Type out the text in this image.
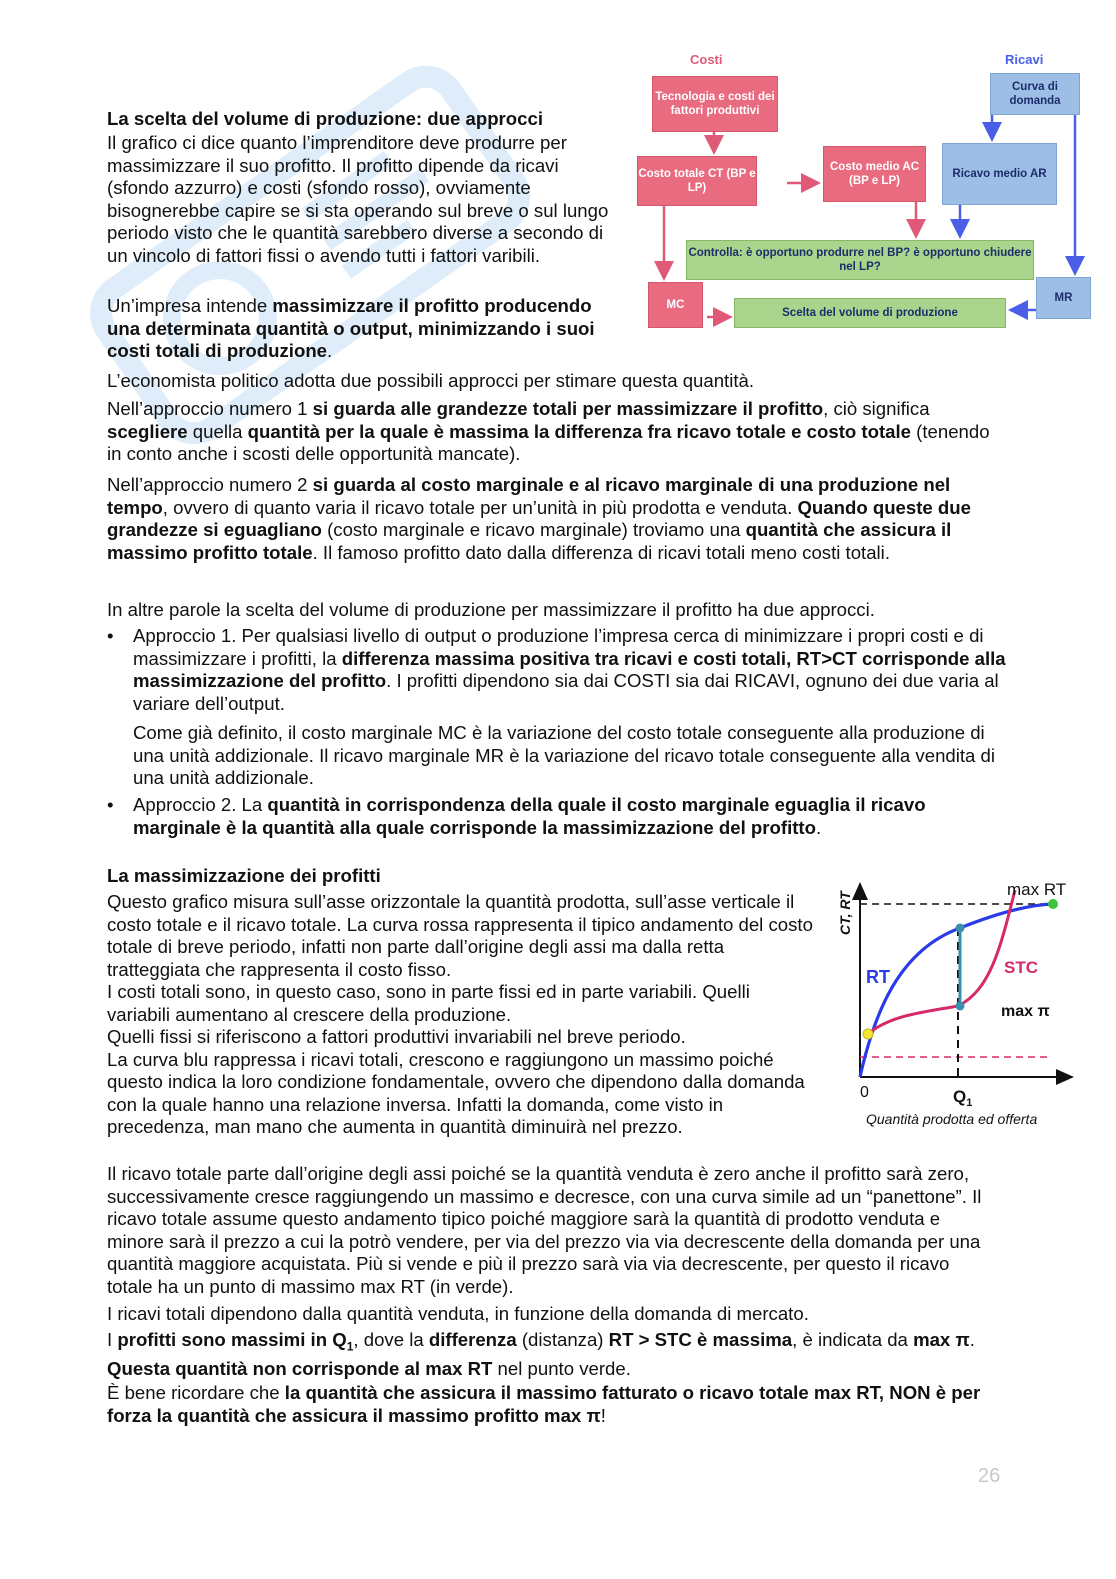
Costi	Ricavi
Tecnologia e costi dei fattori produttivi
Costo totale CT (BP e LP)
Costo medio AC (BP e LP)
Curva di domanda
Ricavo medio AR
Controlla: è opportuno produrre nel BP? è opportuno chiudere nel LP?
MC
Scelta del volume di produzione
MR
La scelta del volume di produzione: due approcci

Il grafico ci dice quanto l’imprenditore deve produrre per massimizzare il suo profitto. Il profitto dipende da ricavi (sfondo azzurro) e costi (sfondo rosso), ovviamente bisognerebbe capire se si sta operando sul breve o sul lungo periodo visto che le quantità sarebbero diverse a secondo di un vincolo di fattori fissi o avendo tutti i fattori varibili.

Un’impresa intende massimizzare il profitto producendo una determinata quantità o output, minimizzando i suoi costi totali di produzione.

L’economista politico adotta due possibili approcci per stimare questa quantità.

Nell’approccio numero 1 si guarda alle grandezze totali per massimizzare il profitto, ciò significa scegliere quella quantità per la quale è massima la differenza fra ricavo totale e costo totale (tenendo in conto anche i scosti delle opportunità mancate).

Nell’approccio numero 2 si guarda al costo marginale e al ricavo marginale di una produzione nel tempo, ovvero di quanto varia il ricavo totale per un’unità in più prodotta e venduta. Quando queste due grandezze si eguagliano (costo marginale e ricavo marginale) troviamo una quantità che assicura il massimo profitto totale. Il famoso profitto dato dalla differenza di ricavi totali meno costi totali.

In altre parole la scelta del volume di produzione per massimizzare il profitto ha due approcci.

• Approccio 1. Per qualsiasi livello di output o produzione l’impresa cerca di minimizzare i propri costi e di massimizzare i profitti, la differenza massima positiva tra ricavi e costi totali, RT>CT corrisponde alla massimizzazione del profitto. I profitti dipendono sia dai COSTI sia dai RICAVI, ognuno dei due varia al variare dell’output.

Come già definito, il costo marginale MC è la variazione del costo totale conseguente alla produzione di una unità addizionale. Il ricavo marginale MR è la variazione del ricavo totale conseguente alla vendita di una unità addizionale.

• Approccio 2. La quantità in corrispondenza della quale il costo marginale eguaglia il ricavo marginale è la quantità alla quale corrisponde la massimizzazione del profitto.

La massimizzazione dei profitti
Questo grafico misura sull’asse orizzontale la quantità prodotta, sull’asse verticale il costo totale e il ricavo totale. La curva rossa rappresenta il tipico andamento del costo totale di breve periodo, infatti non parte dall’origine degli assi ma dalla retta tratteggiata che rappresenta il costo fisso.
I costi totali sono, in questo caso, sono in parte fissi ed in parte variabili. Quelli variabili aumentano al crescere della produzione.
Quelli fissi si riferiscono a fattori produttivi invariabili nel breve periodo.
La curva blu rappressa i ricavi totali, crescono e raggiungono un massimo poiché questo indica la loro condizione fondamentale, ovvero che dipendono dalla domanda con la quale hanno una relazione inversa. Infatti la domanda, come visto in precedenza, man mano che aumenta in quantità diminuirà nel prezzo.

Il ricavo totale parte dall’origine degli assi poiché se la quantità venduta è zero anche il profitto sarà zero, successivamente cresce raggiungendo un massimo e decresce, con una curva simile ad un “panettone”. Il ricavo totale assume questo andamento tipico poiché maggiore sarà la quantità di prodotto venduta e minore sarà il prezzo a cui la potrò vendere, per via del prezzo via via decrescente della domanda per una quantità maggiore acquistata. Più si vende e più il prezzo sarà via via decrescente, per questo il ricavo totale ha un punto di massimo max RT (in verde).

I ricavi totali dipendono dalla quantità venduta, in funzione della domanda di mercato.

I profitti sono massimi in $Q_1$, dove la differenza (distanza) RT > STC è massima, è indicata da max π. Questa quantità non corrisponde al max RT nel punto verde.

È bene ricordare che la quantità che assicura il massimo fatturato o ricavo totale max RT, NON è per forza la quantità che assicura il massimo profitto max π!

CT, RT
max RT
RT	STC
max π
0	$Q_1$
Quantità prodotta ed offerta
26
